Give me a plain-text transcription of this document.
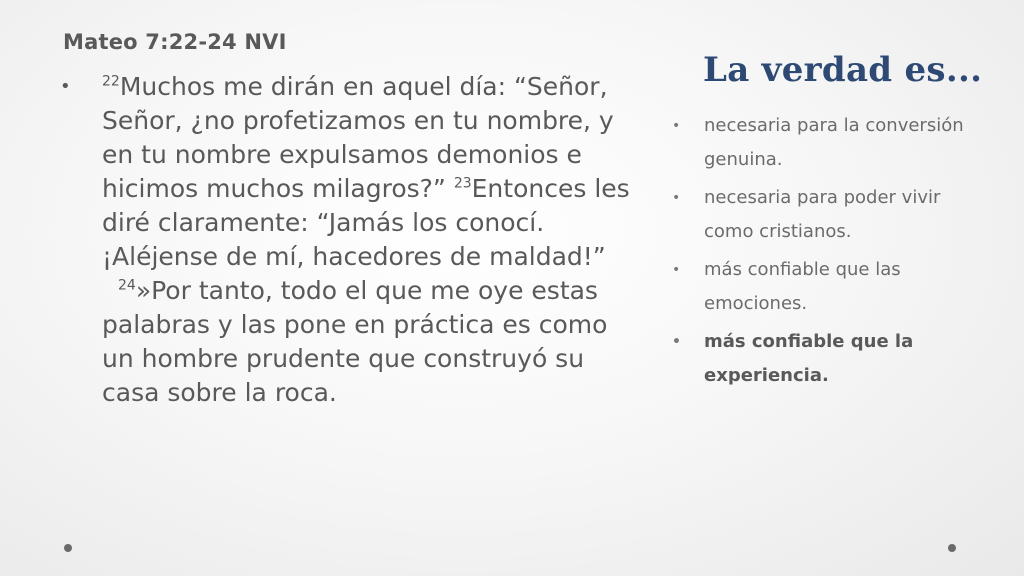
Mateo 7:22-24 NVI
• $^{22}$Muchos me dirán en aquel día: “Señor, Señor, ¿no profetizamos en tu nombre, y en tu nombre expulsamos demonios e hicimos muchos milagros?” $^{23}$Entonces les diré claramente: “Jamás los conocí. ¡Aléjense de mí, hacedores de maldad!”
$^{24}$»Por tanto, todo el que me oye estas palabras y las pone en práctica es como un hombre prudente que construyó su casa sobre la roca.
La verdad es...
• necesaria para la conversión genuina.
• necesaria para poder vivir como cristianos.
• más confiable que las emociones.
• más confiable que la experiencia.
